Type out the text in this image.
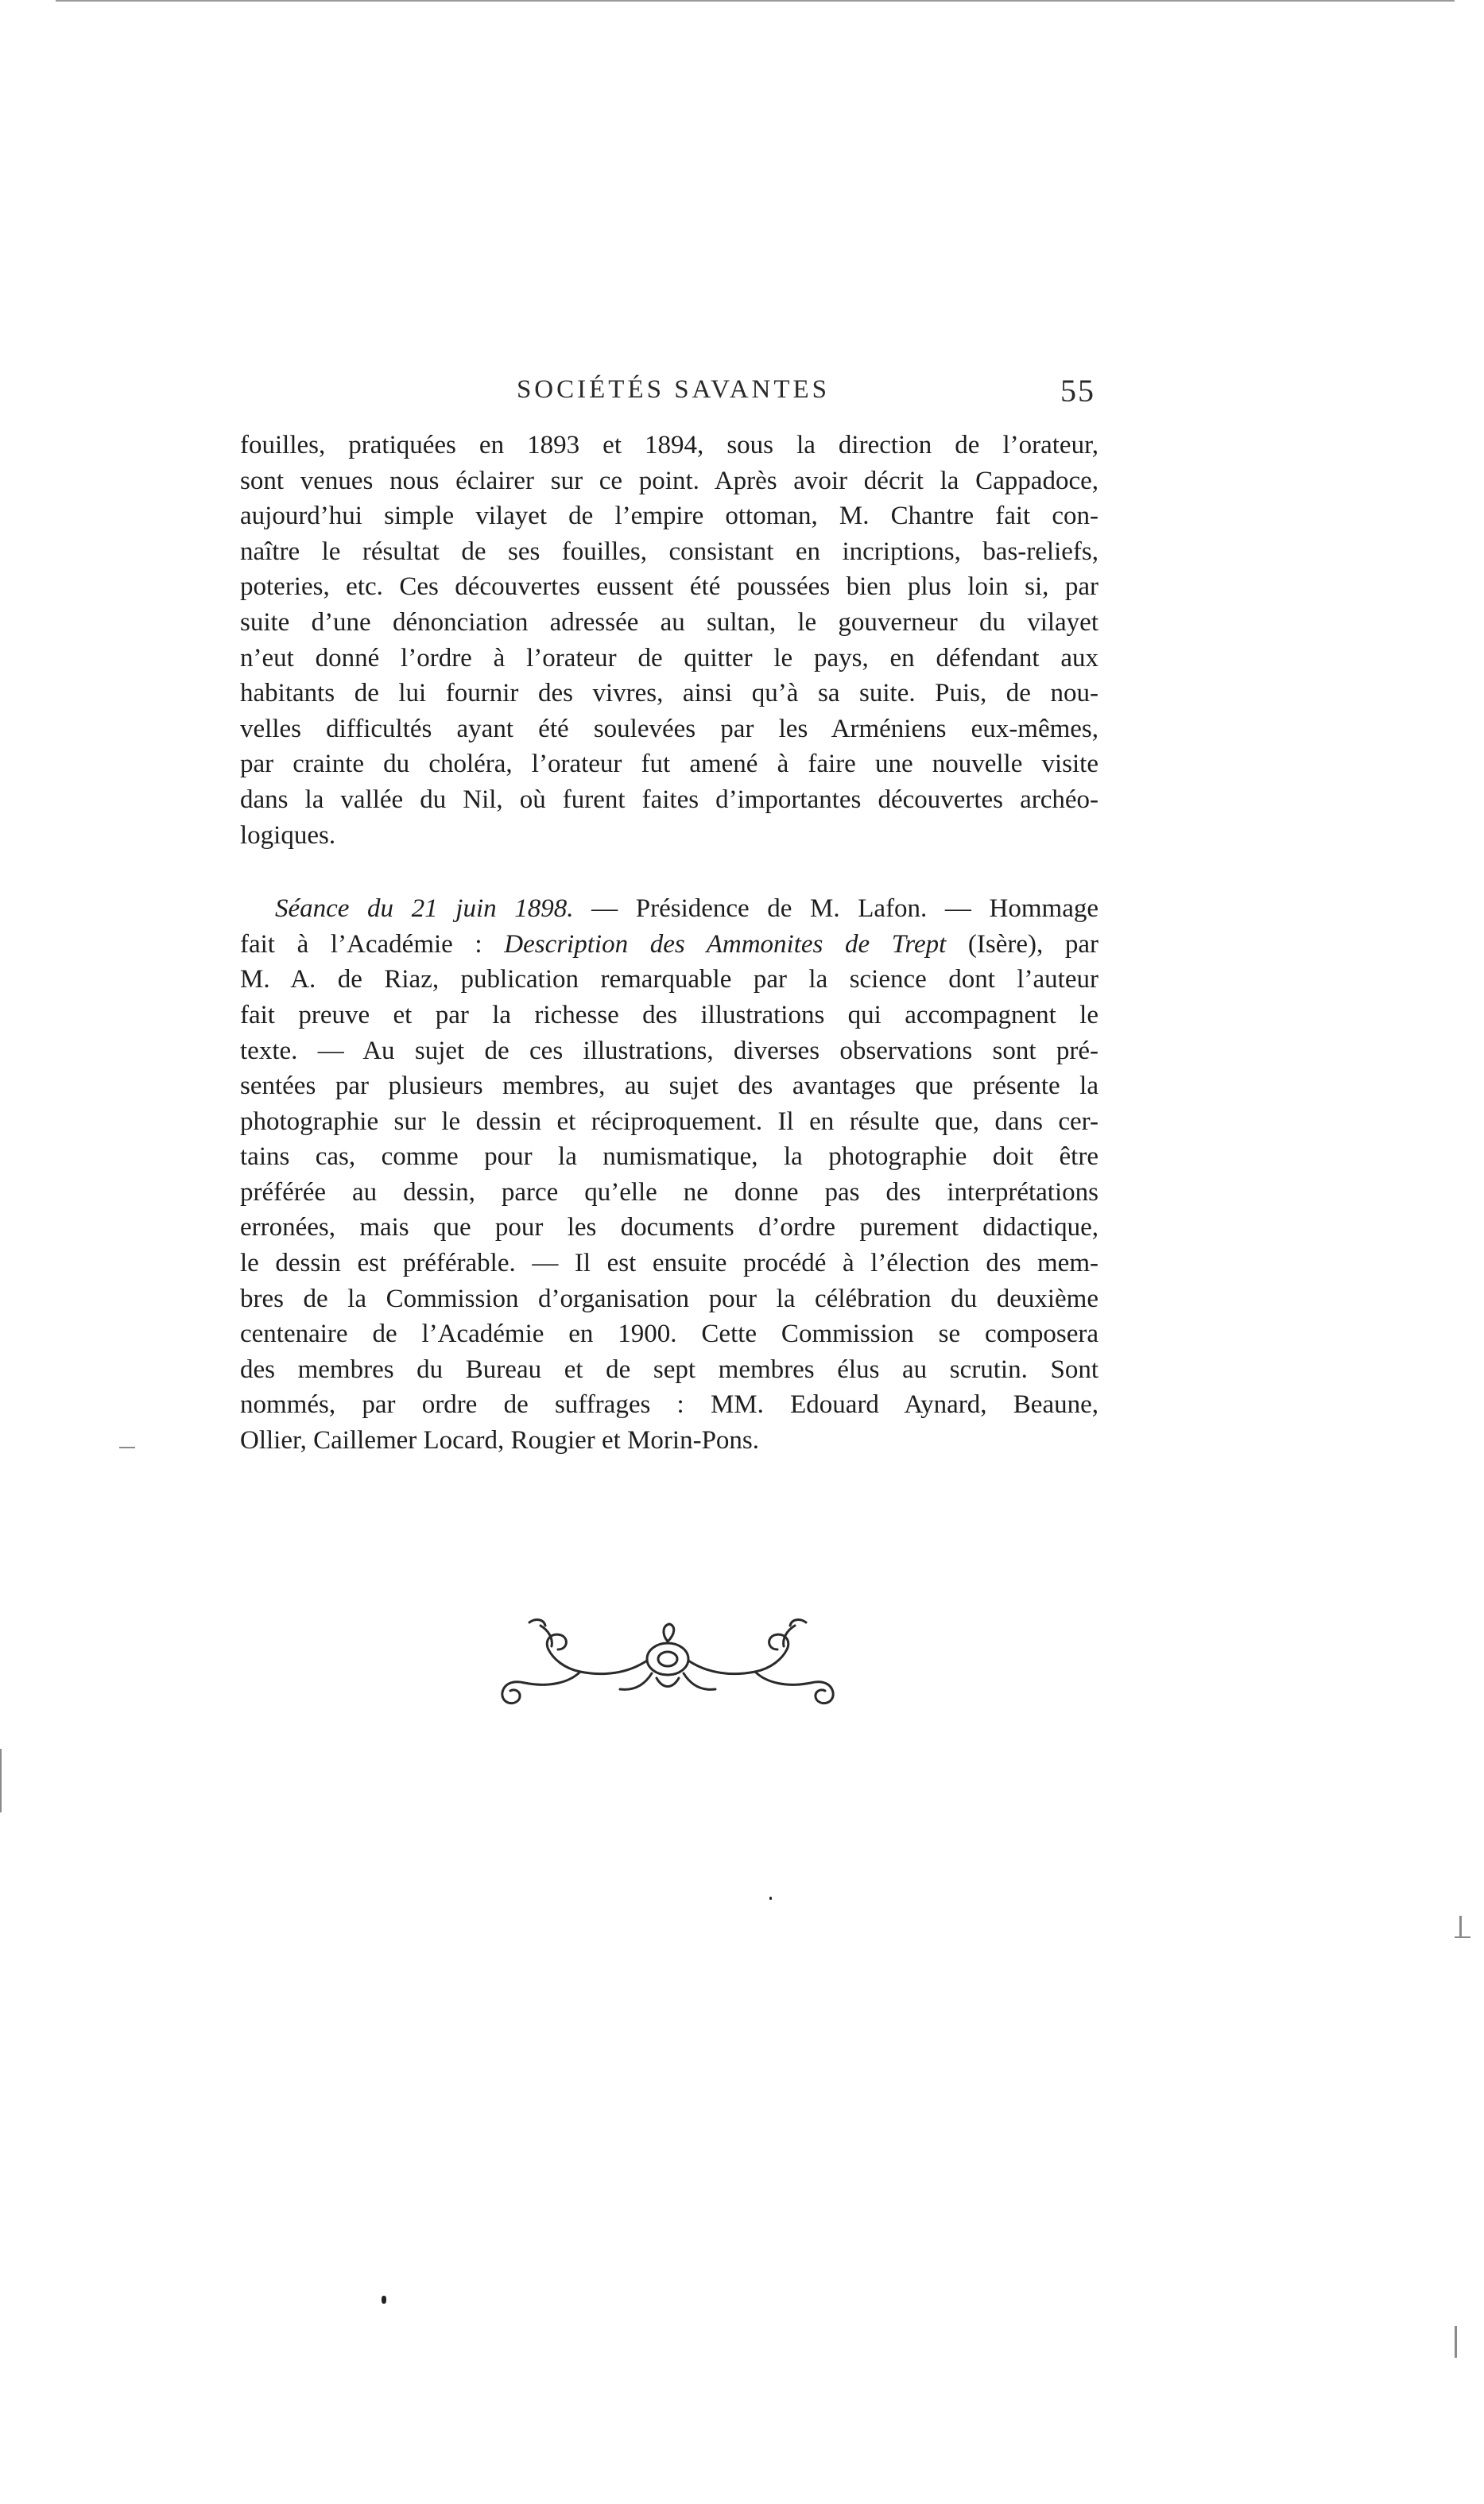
SOCIÉTÉS SAVANTES	55
fouilles, pratiquées en 1893 et 1894, sous la direction de l’orateur,
sont venues nous éclairer sur ce point. Après avoir décrit la Cappadoce,
aujourd’hui simple vilayet de l’empire ottoman, M. Chantre fait con-
naître le résultat de ses fouilles, consistant en incriptions, bas-reliefs,
poteries, etc. Ces découvertes eussent été poussées bien plus loin si, par
suite d’une dénonciation adressée au sultan, le gouverneur du vilayet
n’eut donné l’ordre à l’orateur de quitter le pays, en défendant aux
habitants de lui fournir des vivres, ainsi qu’à sa suite. Puis, de nou-
velles difficultés ayant été soulevées par les Arméniens eux-mêmes,
par crainte du choléra, l’orateur fut amené à faire une nouvelle visite
dans la vallée du Nil, où furent faites d’importantes découvertes archéo-
logiques.
Séance du 21 juin 1898. — Présidence de M. Lafon. — Hommage
fait à l’Académie : Description des Ammonites de Trept (Isère), par
M. A. de Riaz, publication remarquable par la science dont l’auteur
fait preuve et par la richesse des illustrations qui accompagnent le
texte. — Au sujet de ces illustrations, diverses observations sont pré-
sentées par plusieurs membres, au sujet des avantages que présente la
photographie sur le dessin et réciproquement. Il en résulte que, dans cer-
tains cas, comme pour la numismatique, la photographie doit être
préférée au dessin, parce qu’elle ne donne pas des interprétations
erronées, mais que pour les documents d’ordre purement didactique,
le dessin est préférable. — Il est ensuite procédé à l’élection des mem-
bres de la Commission d’organisation pour la célébration du deuxième
centenaire de l’Académie en 1900. Cette Commission se composera
des membres du Bureau et de sept membres élus au scrutin. Sont
nommés, par ordre de suffrages : MM. Edouard Aynard, Beaune,
Ollier, Caillemer Locard, Rougier et Morin-Pons.
